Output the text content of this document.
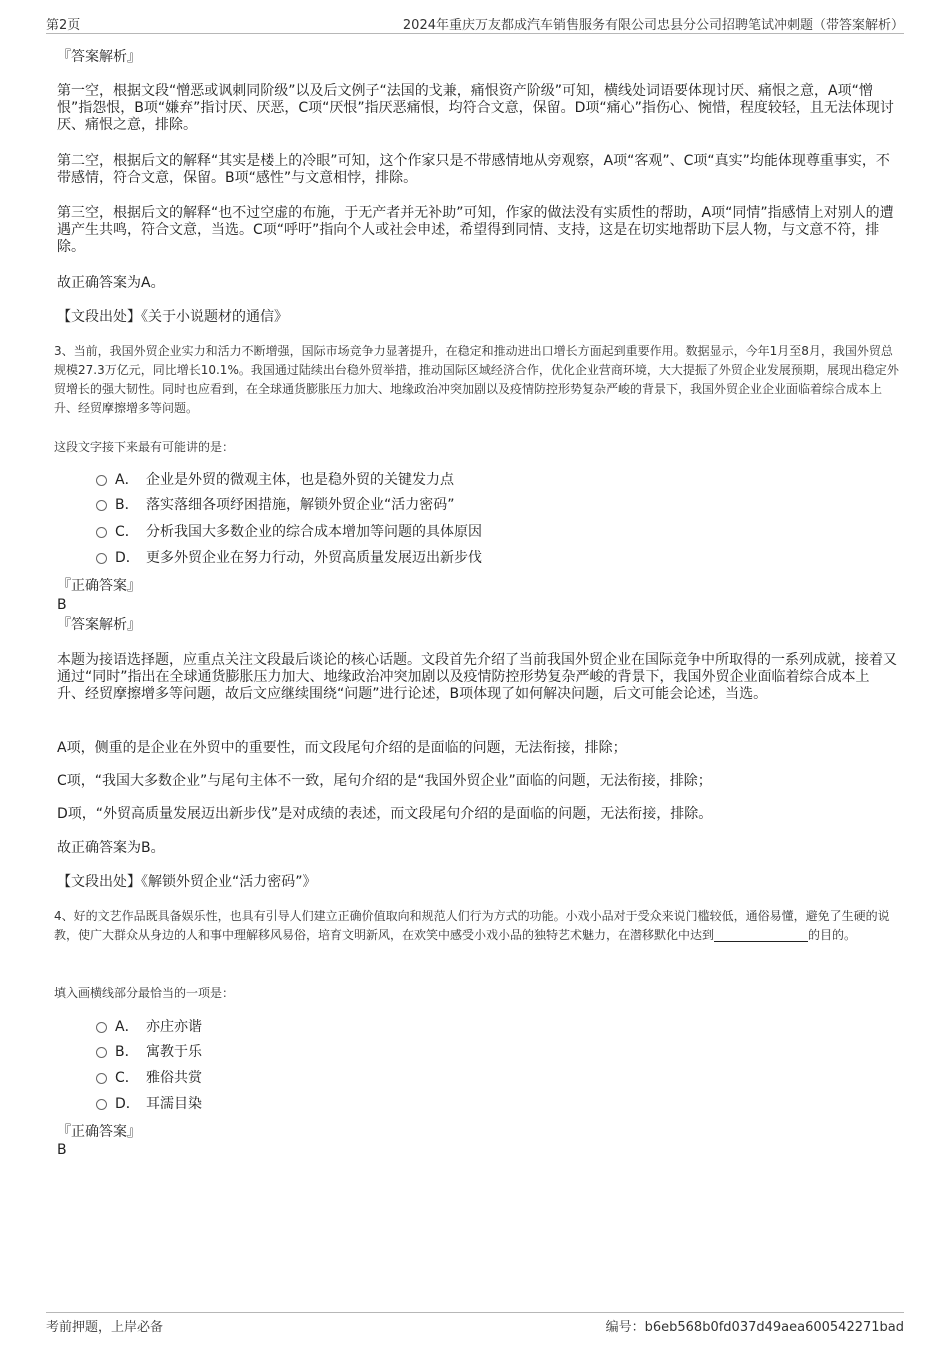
第2页	2024年重庆万友都成汽车销售服务有限公司忠县分公司招聘笔试冲刺题（带答案解析）
『答案解析』
第一空，根据文段“憎恶或讽刺同阶级”以及后文例子“法国的戈兼，痛恨资产阶级”可知，横线处词语要体现讨厌、痛恨之意，A项“憎恨”指怨恨，B项“嫌弃”指讨厌、厌恶，C项“厌恨”指厌恶痛恨，均符合文意，保留。D项“痛心”指伤心、惋惜，程度较轻，且无法体现讨厌、痛恨之意，排除。
第二空，根据后文的解释“其实是楼上的冷眼”可知，这个作家只是不带感情地从旁观察，A项“客观”、C项“真实”均能体现尊重事实，不带感情，符合文意，保留。B项“感性”与文意相悖，排除。
第三空，根据后文的解释“也不过空虚的布施，于无产者并无补助”可知，作家的做法没有实质性的帮助，A项“同情”指感情上对别人的遭遇产生共鸣，符合文意，当选。C项“呼吁”指向个人或社会申述，希望得到同情、支持，这是在切实地帮助下层人物，与文意不符，排除。
故正确答案为A。
【文段出处】《关于小说题材的通信》
3、当前，我国外贸企业实力和活力不断增强，国际市场竞争力显著提升，在稳定和推动进出口增长方面起到重要作用。数据显示，今年1月至8月，我国外贸总规模27.3万亿元，同比增长10.1%。我国通过陆续出台稳外贸举措，推动国际区域经济合作，优化企业营商环境，大大提振了外贸企业发展预期，展现出稳定外贸增长的强大韧性。同时也应看到，在全球通货膨胀压力加大、地缘政治冲突加剧以及疫情防控形势复杂严峻的背景下，我国外贸企业企业面临着综合成本上升、经贸摩擦增多等问题。
这段文字接下来最有可能讲的是：
A． 企业是外贸的微观主体，也是稳外贸的关键发力点
B． 落实落细各项纾困措施，解锁外贸企业“活力密码”
C． 分析我国大多数企业的综合成本增加等问题的具体原因
D． 更多外贸企业在努力行动，外贸高质量发展迈出新步伐
『正确答案』
B
『答案解析』
本题为接语选择题，应重点关注文段最后谈论的核心话题。文段首先介绍了当前我国外贸企业在国际竞争中所取得的一系列成就，接着又通过“同时”指出在全球通货膨胀压力加大、地缘政治冲突加剧以及疫情防控形势复杂严峻的背景下，我国外贸企业面临着综合成本上升、经贸摩擦增多等问题，故后文应继续围绕“问题”进行论述，B项体现了如何解决问题，后文可能会论述，当选。
A项，侧重的是企业在外贸中的重要性，而文段尾句介绍的是面临的问题，无法衔接，排除；
C项，“我国大多数企业”与尾句主体不一致，尾句介绍的是“我国外贸企业”面临的问题，无法衔接，排除；
D项，“外贸高质量发展迈出新步伐”是对成绩的表述，而文段尾句介绍的是面临的问题，无法衔接，排除。
故正确答案为B。
【文段出处】《解锁外贸企业“活力密码”》
4、好的文艺作品既具备娱乐性，也具有引导人们建立正确价值取向和规范人们行为方式的功能。小戏小品对于受众来说门槛较低，通俗易懂，避免了生硬的说教，使广大群众从身边的人和事中理解移风易俗，培育文明新风，在欢笑中感受小戏小品的独特艺术魅力，在潜移默化中达到	的目的。
填入画横线部分最恰当的一项是：
A． 亦庄亦谐
B． 寓教于乐
C． 雅俗共赏
D． 耳濡目染
『正确答案』
B
考前押题，上岸必备	编号：b6eb568b0fd037d49aea600542271bad
